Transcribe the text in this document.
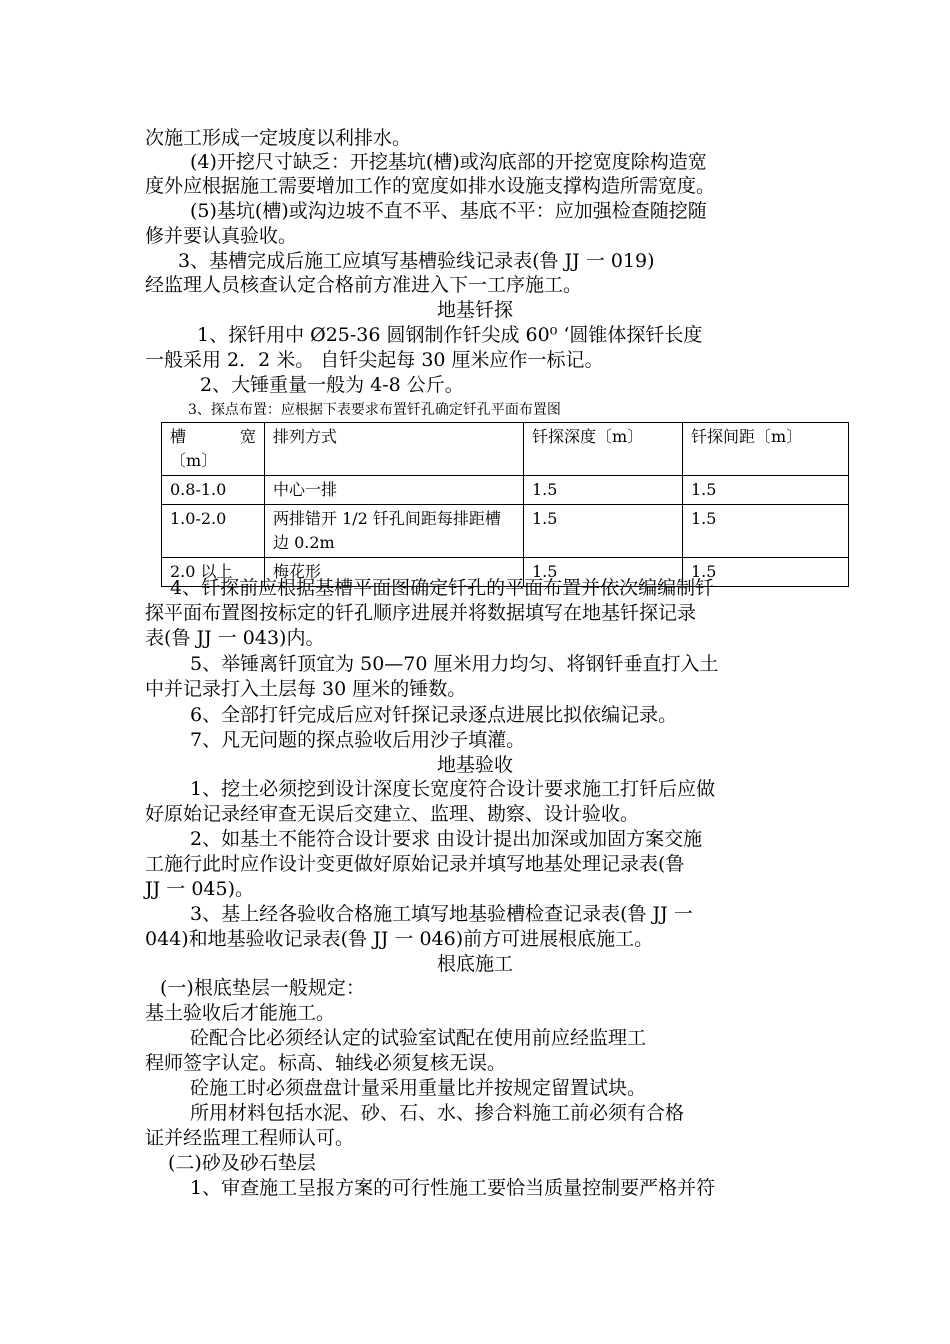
次施工形成一定坡度以利排水。
(4)开挖尺寸缺乏：开挖基坑(槽)或沟底部的开挖宽度除构造宽
度外应根据施工需要增加工作的宽度如排水设施支撑构造所需宽度。
(5)基坑(槽)或沟边坡不直不平、基底不平：应加强检查随挖随
修并要认真验收。
3、基槽完成后施工应填写基槽验线记录表(鲁 JJ 一 019)
经监理人员核查认定合格前方准进入下一工序施工。
地基钎探
1、探钎用中 Ø25-36 圆钢制作钎尖成 60⁰ ‘圆锥体探钎长度
一般采用 2．2 米。 自钎尖起每 30 厘米应作一标记。
2、大锤重量一般为 4-8 公斤。
3、探点布置：应根据下表要求布置钎孔确定钎孔平面布置图
槽 宽
〔m〕	排列方式	钎探深度〔m〕	钎探间距〔m〕
0.8-1.0	中心一排	1.5	1.5
1.0-2.0	两排错开 1/2 钎孔间距每排距槽边 0.2m	1.5	1.5
2.0 以上	梅花形	1.5	1.5
4、钎探前应根据基槽平面图确定钎孔的平面布置并依次编编制钎
探平面布置图按标定的钎孔顺序进展并将数据填写在地基钎探记录
表(鲁 JJ 一 043)内。
5、举锤离钎顶宜为 50—70 厘米用力均匀、将钢钎垂直打入土
中并记录打入土层每 30 厘米的锤数。
6、全部打钎完成后应对钎探记录逐点进展比拟依编记录。
7、凡无问题的探点验收后用沙子填灌。
地基验收
1、挖土必须挖到设计深度长宽度符合设计要求施工打钎后应做
好原始记录经审查无误后交建立、监理、勘察、设计验收。
2、如基土不能符合设计要求 由设计提出加深或加固方案交施
工施行此时应作设计变更做好原始记录并填写地基处理记录表(鲁
JJ 一 045)。
3、基上经各验收合格施工填写地基验槽检查记录表(鲁 JJ 一
044)和地基验收记录表(鲁 JJ 一 046)前方可进展根底施工。
根底施工
(一)根底垫层一般规定：
基土验收后才能施工。
砼配合比必须经认定的试验室试配在使用前应经监理工
程师签字认定。标高、轴线必须复核无误。
砼施工时必须盘盘计量采用重量比并按规定留置试块。
所用材料包括水泥、砂、石、水、掺合料施工前必须有合格
证并经监理工程师认可。
(二)砂及砂石垫层
1、审查施工呈报方案的可行性施工要恰当质量控制要严格并符
